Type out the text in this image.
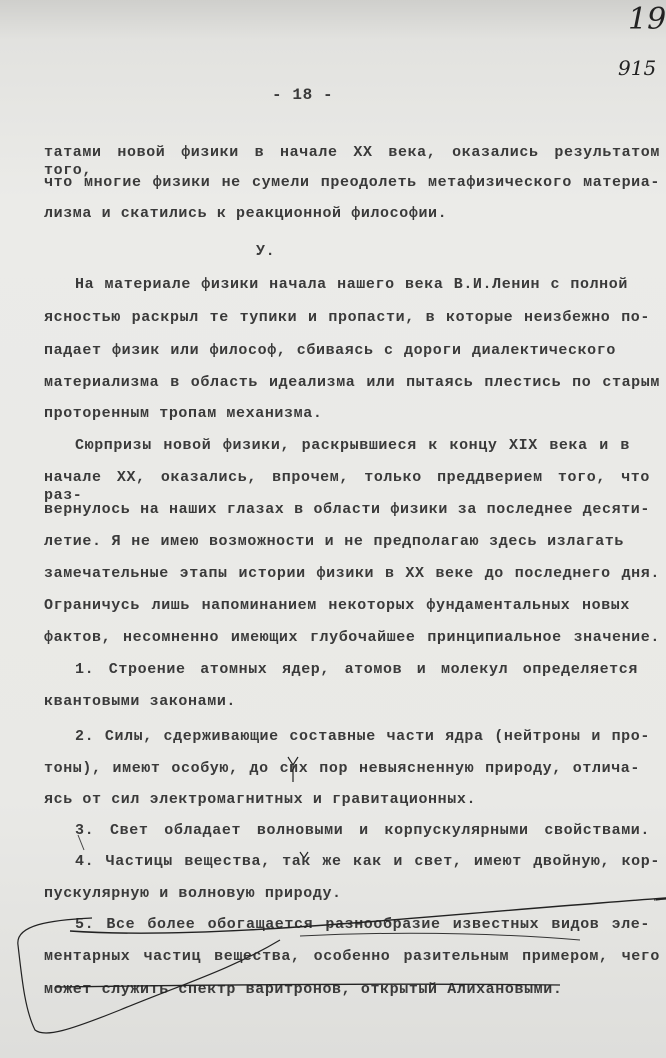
19
915
- 18 -
татами новой физики в начале XX века, оказались результатом того,
что многие физики не сумели преодолеть метафизического материа-
лизма и скатились к реакционной философии.
У.
На материале физики начала нашего века В.И.Ленин с полной
ясностью раскрыл те тупики и пропасти, в которые неизбежно по-
падает физик или философ, сбиваясь с дороги диалектического
материализма в область идеализма или пытаясь плестись по старым
проторенным тропам механизма.
Сюрпризы новой физики, раскрывшиеся к концу XIX века и в
начале XX, оказались, впрочем, только преддверием того, что раз-
вернулось на наших глазах в области физики за последнее десяти-
летие. Я не имею возможности и не предполагаю здесь излагать
замечательные этапы истории физики в XX веке до последнего дня.
Ограничусь лишь напоминанием некоторых фундаментальных новых
фактов, несомненно имеющих глубочайшее принципиальное значение.
1. Строение атомных ядер, атомов и молекул определяется
квантовыми законами.
2. Силы, сдерживающие составные части ядра (нейтроны и про-
тоны), имеют особую, до сих пор невыясненную природу, отлича-
ясь от сил электромагнитных и гравитационных.
3. Свет обладает волновыми и корпускулярными свойствами.
4. Частицы вещества, так же как и свет, имеют двойную, кор-
пускулярную и волновую природу.
5. Все более обогащается разнообразие известных видов эле-
ментарных частиц вещества, особенно разительным примером, чего
может служить спектр варитронов, открытый Алихановыми.
